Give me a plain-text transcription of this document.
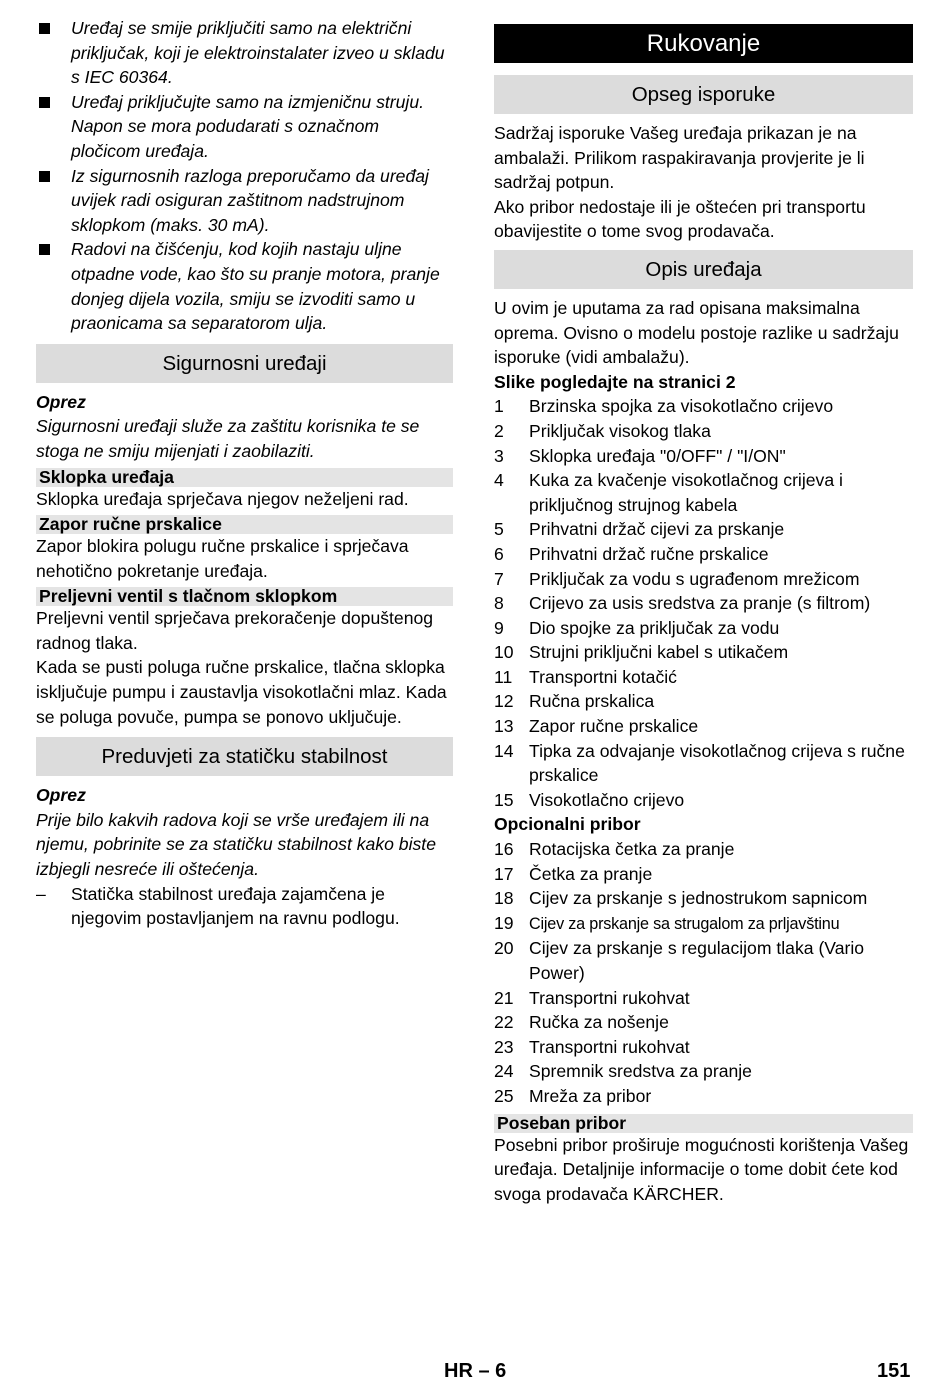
Uređaj se smije priključiti samo na električni priključak, koji je elektroinstalater izveo u skladu s IEC 60364.
Uređaj priključujte samo na izmjeničnu struju. Napon se mora podudarati s označnom pločicom uređaja.
Iz sigurnosnih razloga preporučamo da uređaj uvijek radi osiguran zaštitnom nadstrujnom sklopkom (maks. 30 mA).
Radovi na čišćenju, kod kojih nastaju uljne otpadne vode, kao što su pranje motora, pranje donjeg dijela vozila, smiju se izvoditi samo u praonicama sa separatorom ulja.
Sigurnosni uređaji
Oprez
Sigurnosni uređaji služe za zaštitu korisnika te se stoga ne smiju mijenjati i zaobilaziti.
Sklopka uređaja
Sklopka uređaja sprječava njegov neželjeni rad.
Zapor ručne prskalice
Zapor blokira polugu ručne prskalice i sprječava nehotično pokretanje uređaja.
Preljevni ventil s tlačnom sklopkom
Preljevni ventil sprječava prekoračenje dopuštenog radnog tlaka.
Kada se pusti poluga ručne prskalice, tlačna sklopka isključuje pumpu i zaustavlja visokotlačni mlaz. Kada se poluga povuče, pumpa se ponovo uključuje.
Preduvjeti za statičku stabilnost
Oprez
Prije bilo kakvih radova koji se vrše uređajem ili na njemu, pobrinite se za statičku stabilnost kako biste izbjegli nesreće ili oštećenja.
– Statička stabilnost uređaja zajamčena je njegovim postavljanjem na ravnu podlogu.
Rukovanje
Opseg isporuke
Sadržaj isporuke Vašeg uređaja prikazan je na ambalaži. Prilikom raspakiravanja provjerite je li sadržaj potpun.
Ako pribor nedostaje ili je oštećen pri transportu obavijestite o tome svog prodavača.
Opis uređaja
U ovim je uputama za rad opisana maksimalna oprema. Ovisno o modelu postoje razlike u sadržaju isporuke (vidi ambalažu).
Slike pogledajte na stranici 2
1 Brzinska spojka za visokotlačno crijevo
2 Priključak visokog tlaka
3 Sklopka uređaja "0/OFF" / "I/ON"
4 Kuka za kvačenje visokotlačnog crijeva i priključnog strujnog kabela
5 Prihvatni držač cijevi za prskanje
6 Prihvatni držač ručne prskalice
7 Priključak za vodu s ugrađenom mrežicom
8 Crijevo za usis sredstva za pranje (s filtrom)
9 Dio spojke za priključak za vodu
10 Strujni priključni kabel s utikačem
11 Transportni kotačić
12 Ručna prskalica
13 Zapor ručne prskalice
14 Tipka za odvajanje visokotlačnog crijeva s ručne prskalice
15 Visokotlačno crijevo
Opcionalni pribor
16 Rotacijska četka za pranje
17 Četka za pranje
18 Cijev za prskanje s jednostrukom sapnicom
19 Cijev za prskanje sa strugalom za prljavštinu
20 Cijev za prskanje s regulacijom tlaka (Vario Power)
21 Transportni rukohvat
22 Ručka za nošenje
23 Transportni rukohvat
24 Spremnik sredstva za pranje
25 Mreža za pribor
Poseban pribor
Posebni pribor proširuje mogućnosti korištenja Vašeg uređaja. Detaljnije informacije o tome dobit ćete kod svoga prodavača KÄRCHER.
HR – 6	151
